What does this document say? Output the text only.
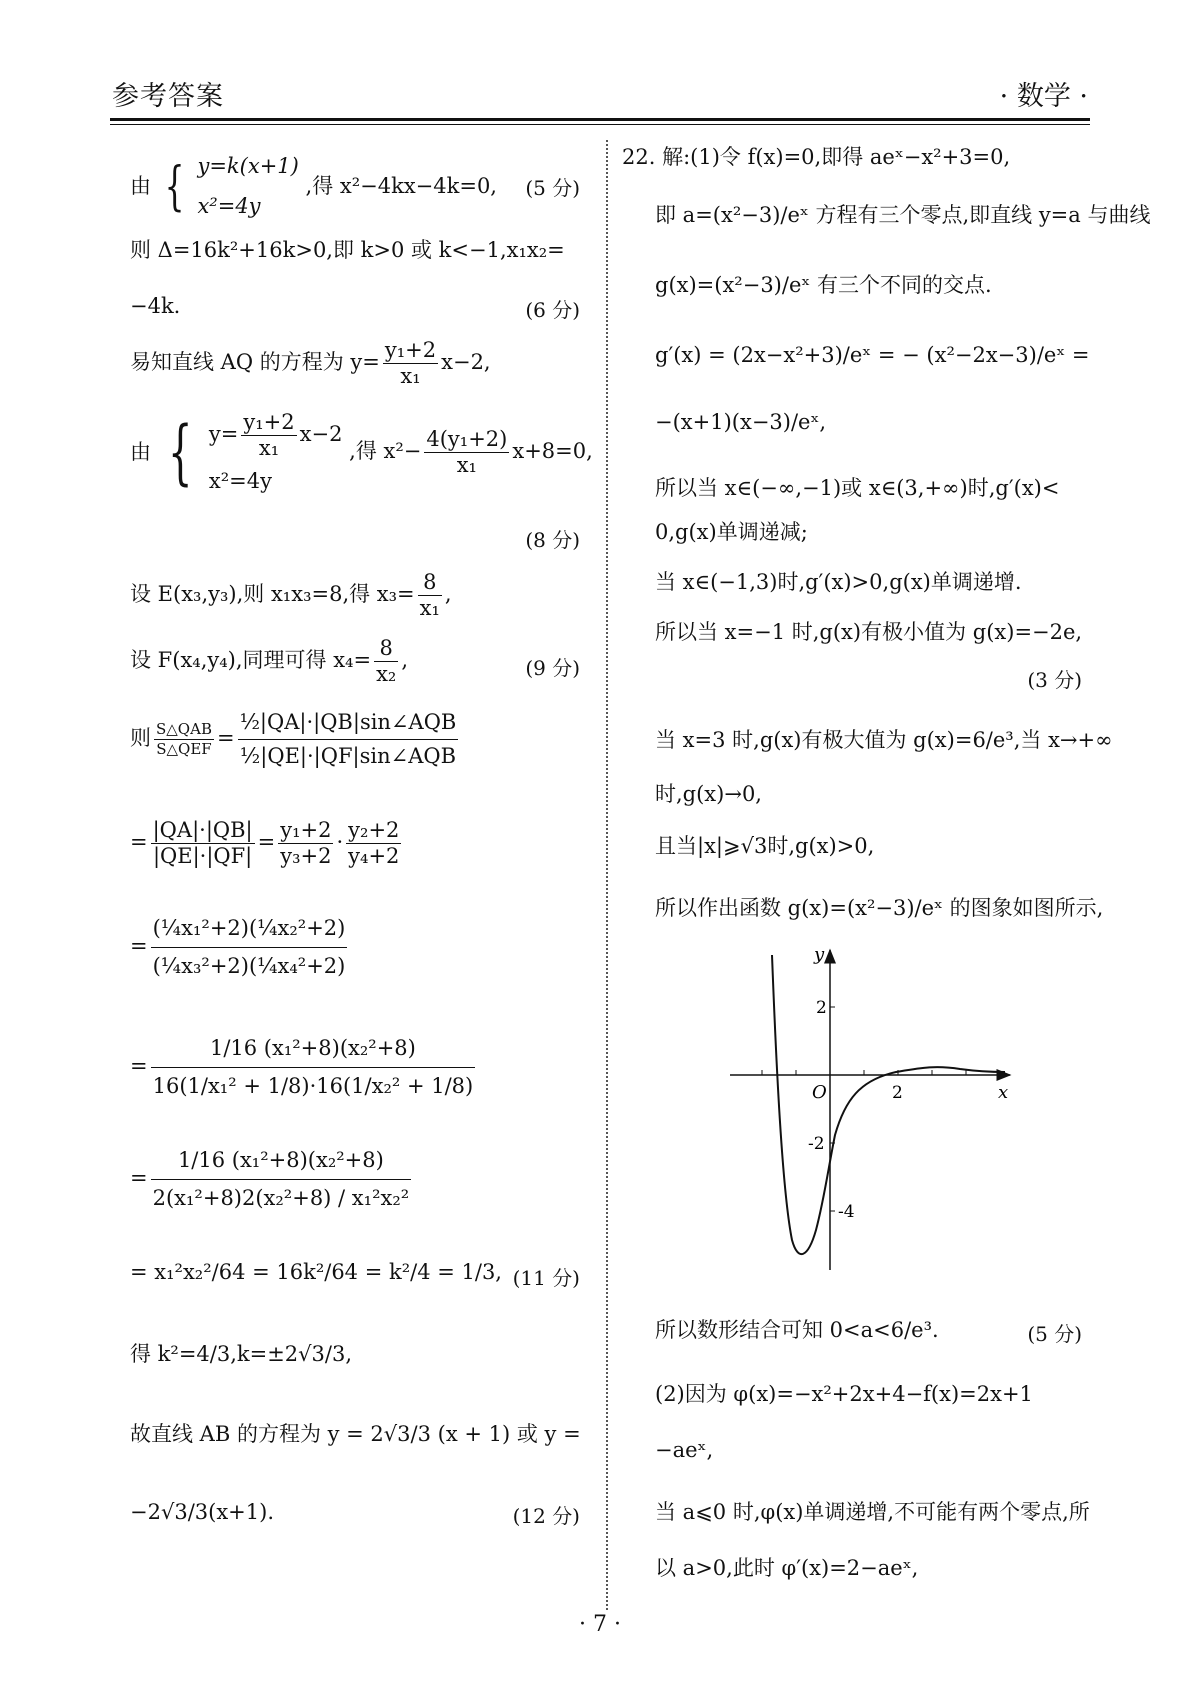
参考答案	· 数学 ·
由 { y=k(x+1)
x²=4y
,得 x²−4kx−4k=0, (5 分)
则 Δ=16k²+16k>0,即 k>0 或 k<−1,x₁x₂=
−4k.	(6 分)
易知直线 AQ 的方程为 $y= \frac{\text{y₁+2}}{\text{x₁}} x-2$,
由 { $y= \frac{\text{y₁+2}}{\text{x₁}} x-2$
x²=4y
,得 $x^2- \frac{\text{4(y₁+2)}}{\text{x₁}} x+8=0$,
(8 分)
设 E(x₃,y₃),则 x₁x₃=8,得 $x_3= \frac{8}{\text{x₁}}$ ,
设 F(x₄,y₄),同理可得 $x_4= \frac{8}{\text{x₂}}$ ,	(9 分)
则 $\frac{\text{S△QAB}}{\text{S△QEF}} = \frac{\text{½|QA|·|QB|sin∠AQB}}{\text{½|QE|·|QF|sin∠AQB}}$
= $\frac{|QA|\cdot|QB|}{|QE|\cdot|QF|} = \frac{\text{y₁+2}}{\text{y₃+2}} \cdot \frac{\text{y₂+2}}{\text{y₄+2}}$
= $\frac{\text{(¼x₁²+2)(¼x₂²+2)}}{\text{(¼x₃²+2)(¼x₄²+2)}}$
= $\frac{\text{1/16 (x₁²+8)(x₂²+8)}}{\text{16(1/x₁² + 1/8)·16(1/x₂² + 1/8)}}$
= $\frac{\text{1/16 (x₁²+8)(x₂²+8)}}{\text{2(x₁²+8)2(x₂²+8) / x₁²x₂²}}$
= x₁²x₂²/64 = 16k²/64 = k²/4 = 1/3, (11 分)
得 k²=4/3,k=±2√3/3,
故直线 AB 的方程为 y = 2√3/3 (x + 1) 或 y =
−2√3/3(x+1).	(12 分)
22. 解:(1)令 f(x)=0,即得 aeˣ−x²+3=0,
即 a=(x²−3)/eˣ 方程有三个零点,即直线 y=a 与曲线
g(x)=(x²−3)/eˣ 有三个不同的交点.
g′(x) = (2x−x²+3)/eˣ = − (x²−2x−3)/eˣ =
−(x+1)(x−3)/eˣ,
所以当 x∈(−∞,−1)或 x∈(3,+∞)时,g′(x)<
0,g(x)单调递减;
当 x∈(−1,3)时,g′(x)>0,g(x)单调递增.
所以当 x=−1 时,g(x)有极小值为 g(x)=−2e,
(3 分)
当 x=3 时,g(x)有极大值为 g(x)=6/e³,当 x→+∞
时,g(x)→0,
且当|x|⩾√3时,g(x)>0,
所以作出函数 g(x)=(x²−3)/eˣ 的图象如图所示,
y
x
O	2
2
-2
-4
所以数形结合可知 0<a<6/e³.	(5 分)
(2)因为 φ(x)=−x²+2x+4−f(x)=2x+1
−aeˣ,
当 a⩽0 时,φ(x)单调递增,不可能有两个零点,所
以 a>0,此时 φ′(x)=2−aeˣ,
· 7 ·
